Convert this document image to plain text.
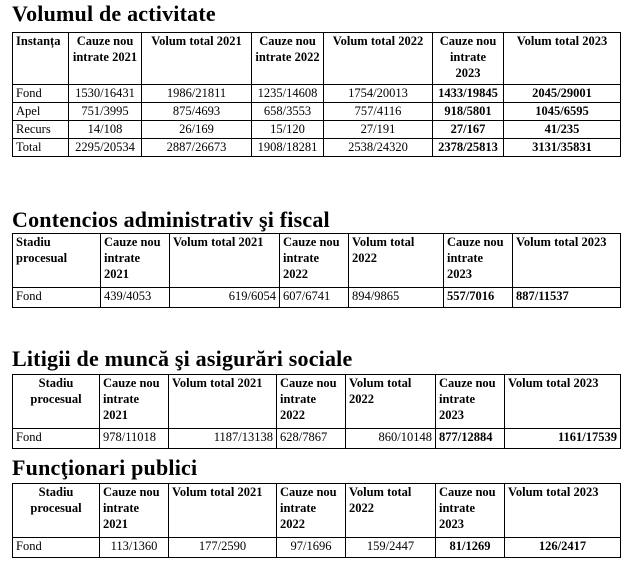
Volumul de activitate
Instanța	Cauze nou intrate 2021	Volum total 2021	Cauze nou intrate 2022	Volum total 2022	Cauze nou intrate 2023	Volum total 2023
Fond	1530/16431	1986/21811	1235/14608	1754/20013	1433/19845	2045/29001
Apel	751/3995	875/4693	658/3553	757/4116	918/5801	1045/6595
Recurs	14/108	26/169	15/120	27/191	27/167	41/235
Total	2295/20534	2887/26673	1908/18281	2538/24320	2378/25813	3131/35831
Contencios administrativ şi fiscal
Stadiu procesual	Cauze nou intrate 2021	Volum total 2021	Cauze nou intrate 2022	Volum total 2022	Cauze nou intrate 2023	Volum total 2023
Fond	439/4053	619/6054	607/6741	894/9865	557/7016	887/11537
Litigii de muncă şi asigurări sociale
Stadiu procesual	Cauze nou intrate 2021	Volum total 2021	Cauze nou intrate 2022	Volum total 2022	Cauze nou intrate 2023	Volum total 2023
Fond	978/11018	1187/13138	628/7867	860/10148	877/12884	1161/17539
Funcţionari publici
Stadiu procesual	Cauze nou intrate 2021	Volum total 2021	Cauze nou intrate 2022	Volum total 2022	Cauze nou intrate 2023	Volum total 2023
Fond	113/1360	177/2590	97/1696	159/2447	81/1269	126/2417
